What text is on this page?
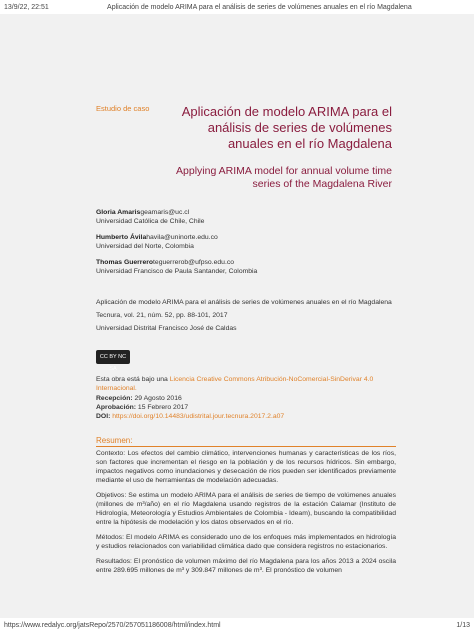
13/9/22, 22:51	Aplicación de modelo ARIMA para el análisis de series de volúmenes anuales en el río Magdalena
Estudio de caso	Aplicación de modelo ARIMA para el análisis de series de volúmenes anuales en el río Magdalena
Applying ARIMA model for annual volume time series of the Magdalena River
Gloria Amarisgeamaris@uc.cl
Universidad Católica de Chile, Chile
Humberto Ávilahavila@uninorte.edu.co
Universidad del Norte, Colombia
Thomas Guerreroteguerrerob@ufpso.edu.co
Universidad Francisco de Paula Santander, Colombia

Aplicación de modelo ARIMA para el análisis de series de volúmenes anuales en el río Magdalena

Tecnura, vol. 21, núm. 52, pp. 88-101, 2017

Universidad Distrital Francisco José de Caldas

CC BY NC SA

Esta obra está bajo una Licencia Creative Commons Atribución-NoComercial-SinDerivar 4.0 Internacional.

Recepción: 29 Agosto 2016

Aprobación: 15 Febrero 2017

DOI: https://doi.org/10.14483/udistrital.jour.tecnura.2017.2.a07

Resumen:

Contexto: Los efectos del cambio climático, intervenciones humanas y características de los ríos, son factores que incrementan el riesgo en la población y de los recursos hídricos. Sin embargo, impactos negativos como inundaciones y desecación de ríos pueden ser identificados previamente mediante el uso de herramientas de modelación adecuadas.

Objetivos: Se estima un modelo ARIMA para el análisis de series de tiempo de volúmenes anuales (millones de m³/año) en el río Magdalena usando registros de la estación Calamar (Instituto de Hidrología, Meteorología y Estudios Ambientales de Colombia - Ideam), buscando la compatibilidad entre la hipótesis de modelación y los datos observados en el río.

Métodos: El modelo ARIMA es considerado uno de los enfoques más implementados en hidrología y estudios relacionados con variabilidad climática dado que considera registros no estacionarios.

Resultados: El pronóstico de volumen máximo del río Magdalena para los años 2013 a 2024 oscila entre 289.695 millones de m³ y 309.847 millones de m³. El pronóstico de volumen

https://www.redalyc.org/jatsRepo/2570/257051186008/html/index.html	1/13
